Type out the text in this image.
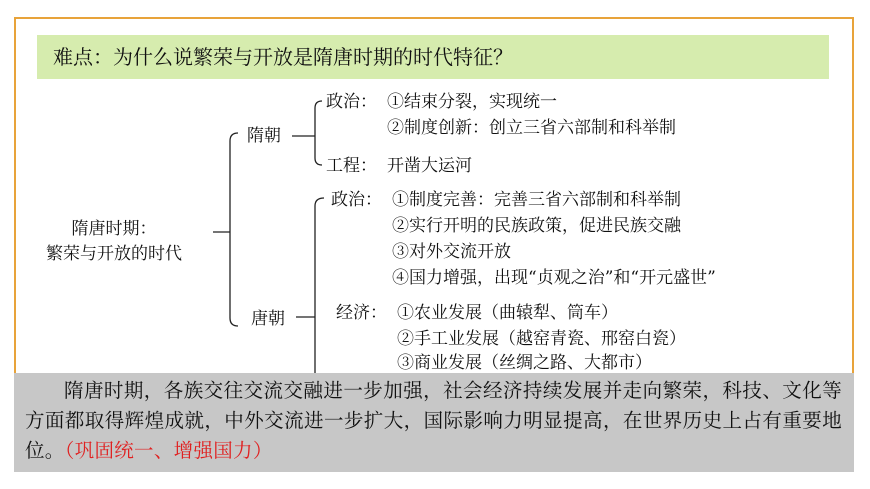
难点：为什么说繁荣与开放是隋唐时期的时代特征？
隋唐时期：
繁荣与开放的时代
隋朝
政治： ①结束分裂，实现统一
②制度创新：创立三省六部制和科举制
工程： 开凿大运河
唐朝
政治： ①制度完善：完善三省六部制和科举制
②实行开明的民族政策，促进民族交融
③对外交流开放
④国力增强，出现“贞观之治”和“开元盛世”
经济： ①农业发展（曲辕犁、筒车）
②手工业发展（越窑青瓷、邢窑白瓷）
③商业发展（丝绸之路、大都市）
隋唐时期，各族交往交流交融进一步加强，社会经济持续发展并走向繁荣，科技、文化等方面都取得辉煌成就，中外交流进一步扩大，国际影响力明显提高，在世界历史上占有重要地位。（巩固统一、增强国力）
